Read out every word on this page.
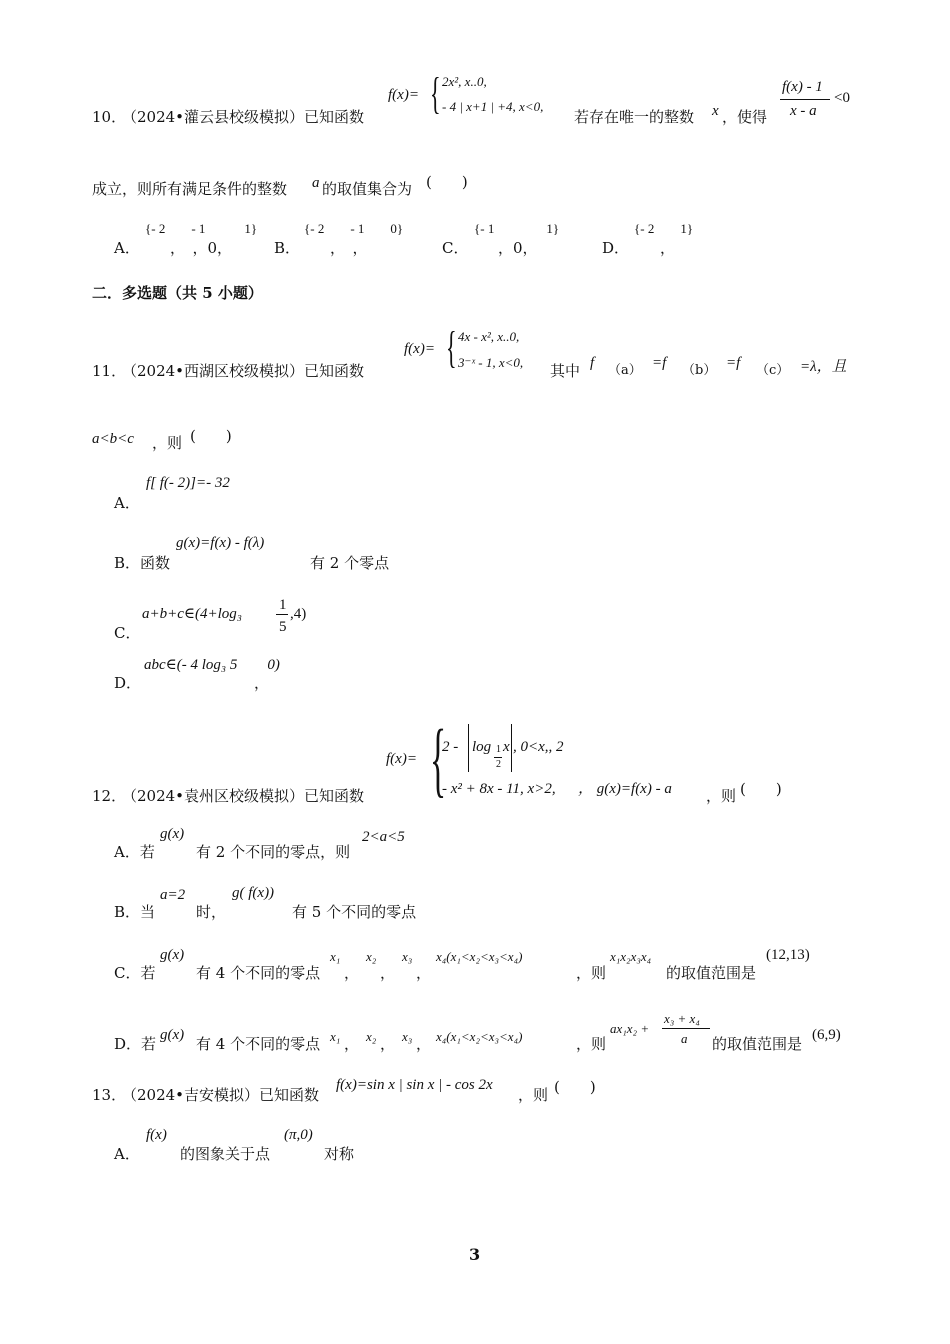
f(x)= { 2x², x..0,
- 4 | x+1 | +4, x<0,
10．
（2024•灌云县校级模拟）已知函数	若存在唯一的整数 x ，使得
f(x) - 1
x - a
<0
成立，则所有满足条件的整数 a 的取值集合为 (　　)
A．
{- 2　　- 1　　　1}
，　，0，	B．
{- 2　　- 1　　0}
，　，	C．
{- 1　　　　1}
，0，	D．
{- 2　　1}
，
二．多选题（共 5 小题）
f(x)= { 4x - x², x..0,
3⁻ˣ - 1, x<0,
11．
（2024•西湖区校级模拟）已知函数	其中 f （a） =f （b） =f （c） =λ，且
a<b<c ，则 (　　)
A．
f[ f(- 2)]=- 32
B．函数
g(x)=f(x) - f(λ)
有 2 个零点
C．
a+b+c∈(4+log₃
1
5
,4)
D．
abc∈(- 4 log₃ 5　　0)
，
f(x)= {
2 - log 1
2
x , 0<x,, 2
- x² + 8x - 11, x>2, ， g(x)=f(x) - a ，则 (　　)
12．
（2024•袁州区校级模拟）已知函数
A．若
g(x)
有 2 个不同的零点，则
2<a<5
B．当
a=2
时，
g( f(x))
有 5 个不同的零点
C．若
g(x)
有 4 个不同的零点
x₁
，
x₂
，
x₃
，
x₄(x₁<x₂<x₃<x₄)
，则
x₁x₂x₃x₄
的取值范围是
(12,13)
D．若 g(x) 有 4 个不同的零点 x₁ ， x₂ ， x₃ ， x₄(x₁<x₂<x₃<x₄)	，则
ax₁x₂ +
x₃ + x₄
a 的取值范围是 (6,9)
13．
（2024•吉安模拟）已知函数
f(x)=sin x | sin x | - cos 2x
，则 (　　)
A．
f(x)
的图象关于点
(π,0)
对称
3
